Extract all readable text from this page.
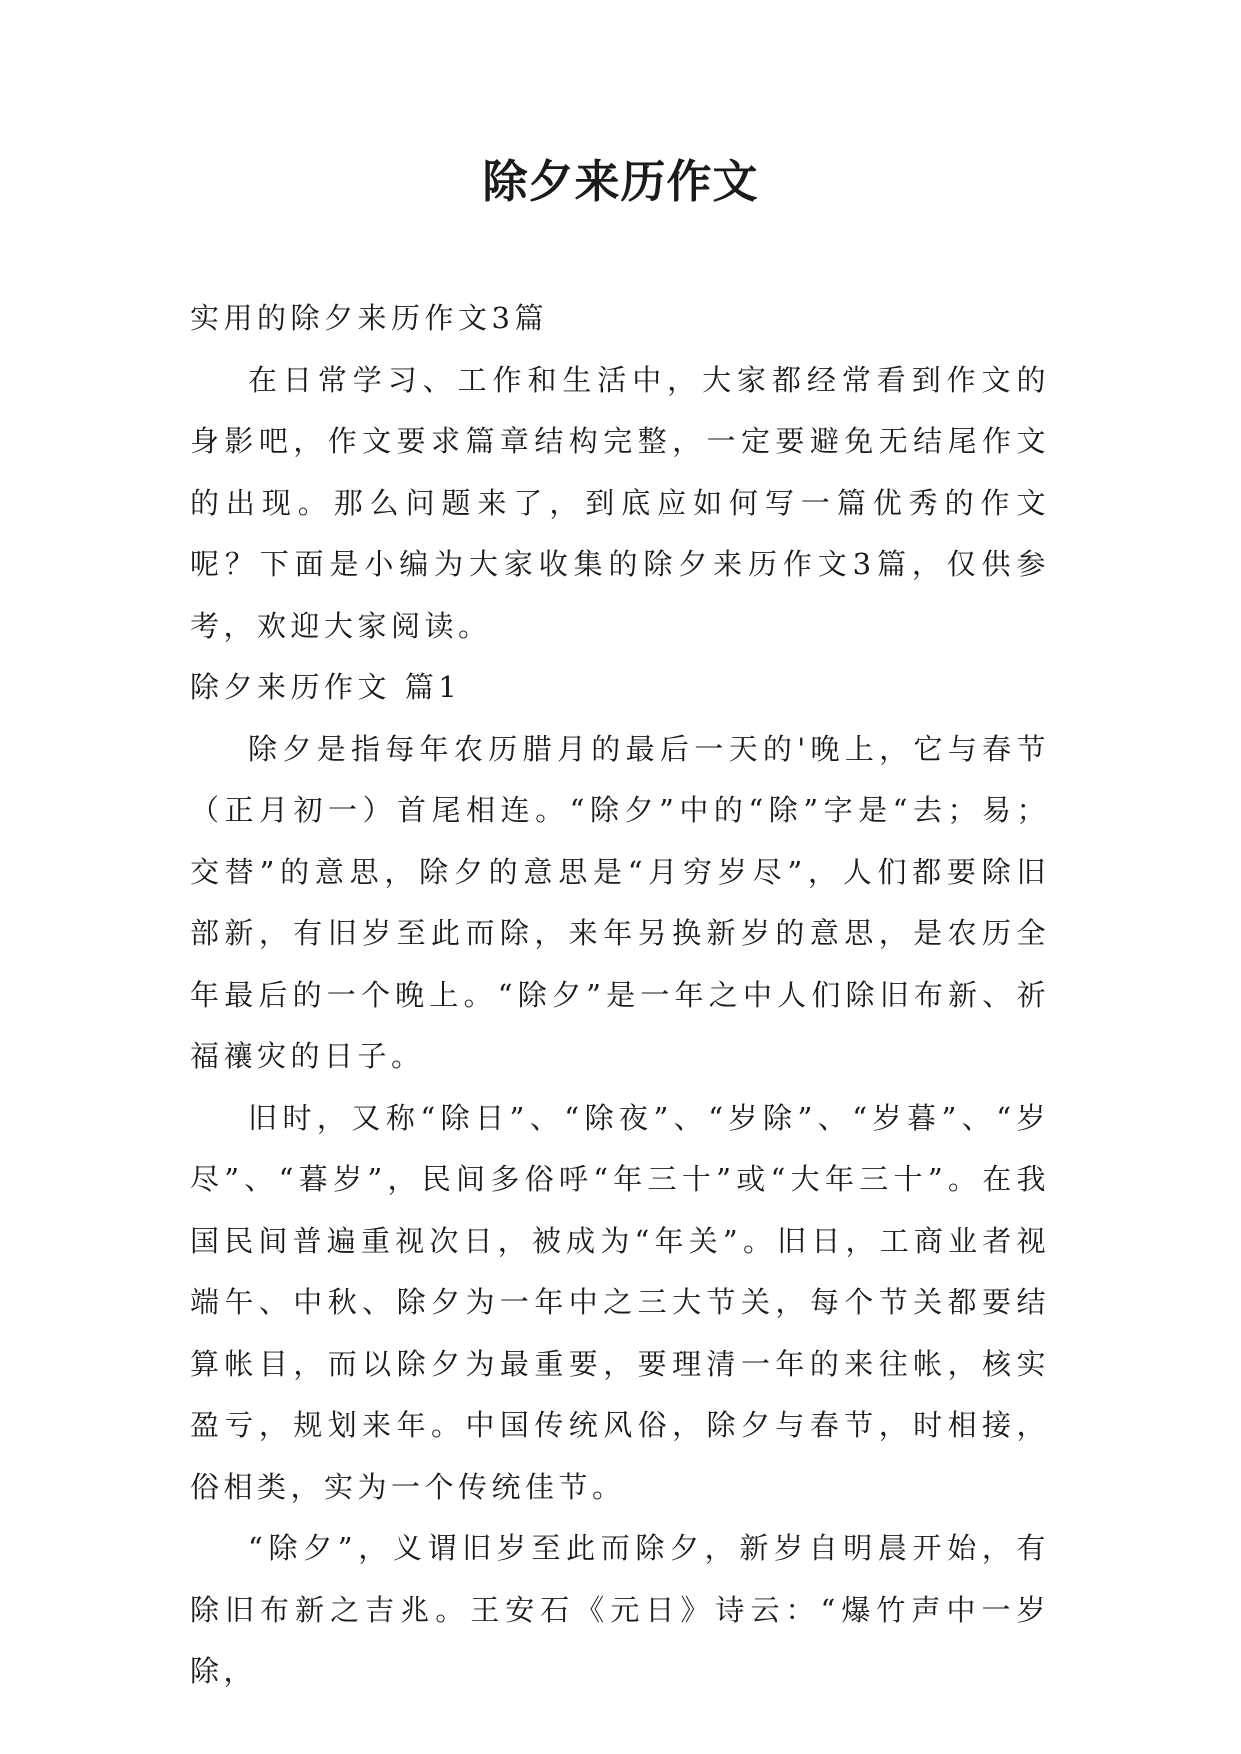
除夕来历作文

实用的除夕来历作文3篇

在日常学习、工作和生活中，大家都经常看到作文的身影吧，作文要求篇章结构完整，一定要避免无结尾作文的出现。那么问题来了，到底应如何写一篇优秀的作文呢？下面是小编为大家收集的除夕来历作文3篇，仅供参考，欢迎大家阅读。

除夕来历作文 篇1

除夕是指每年农历腊月的最后一天的'晚上，它与春节（正月初一）首尾相连。“除夕”中的“除”字是“去；易；交替”的意思，除夕的意思是“月穷岁尽”，人们都要除旧部新，有旧岁至此而除，来年另换新岁的意思，是农历全年最后的一个晚上。“除夕”是一年之中人们除旧布新、祈福禳灾的日子。

旧时，又称“除日”、“除夜”、“岁除”、“岁暮”、“岁尽”、“暮岁”，民间多俗呼“年三十”或“大年三十”。在我国民间普遍重视次日，被成为“年关”。旧日，工商业者视端午、中秋、除夕为一年中之三大节关，每个节关都要结算帐目，而以除夕为最重要，要理清一年的来往帐，核实盈亏，规划来年。中国传统风俗，除夕与春节，时相接，俗相类，实为一个传统佳节。

“除夕”，义谓旧岁至此而除夕，新岁自明晨开始，有除旧布新之吉兆。王安石《元日》诗云：“爆竹声中一岁除，
